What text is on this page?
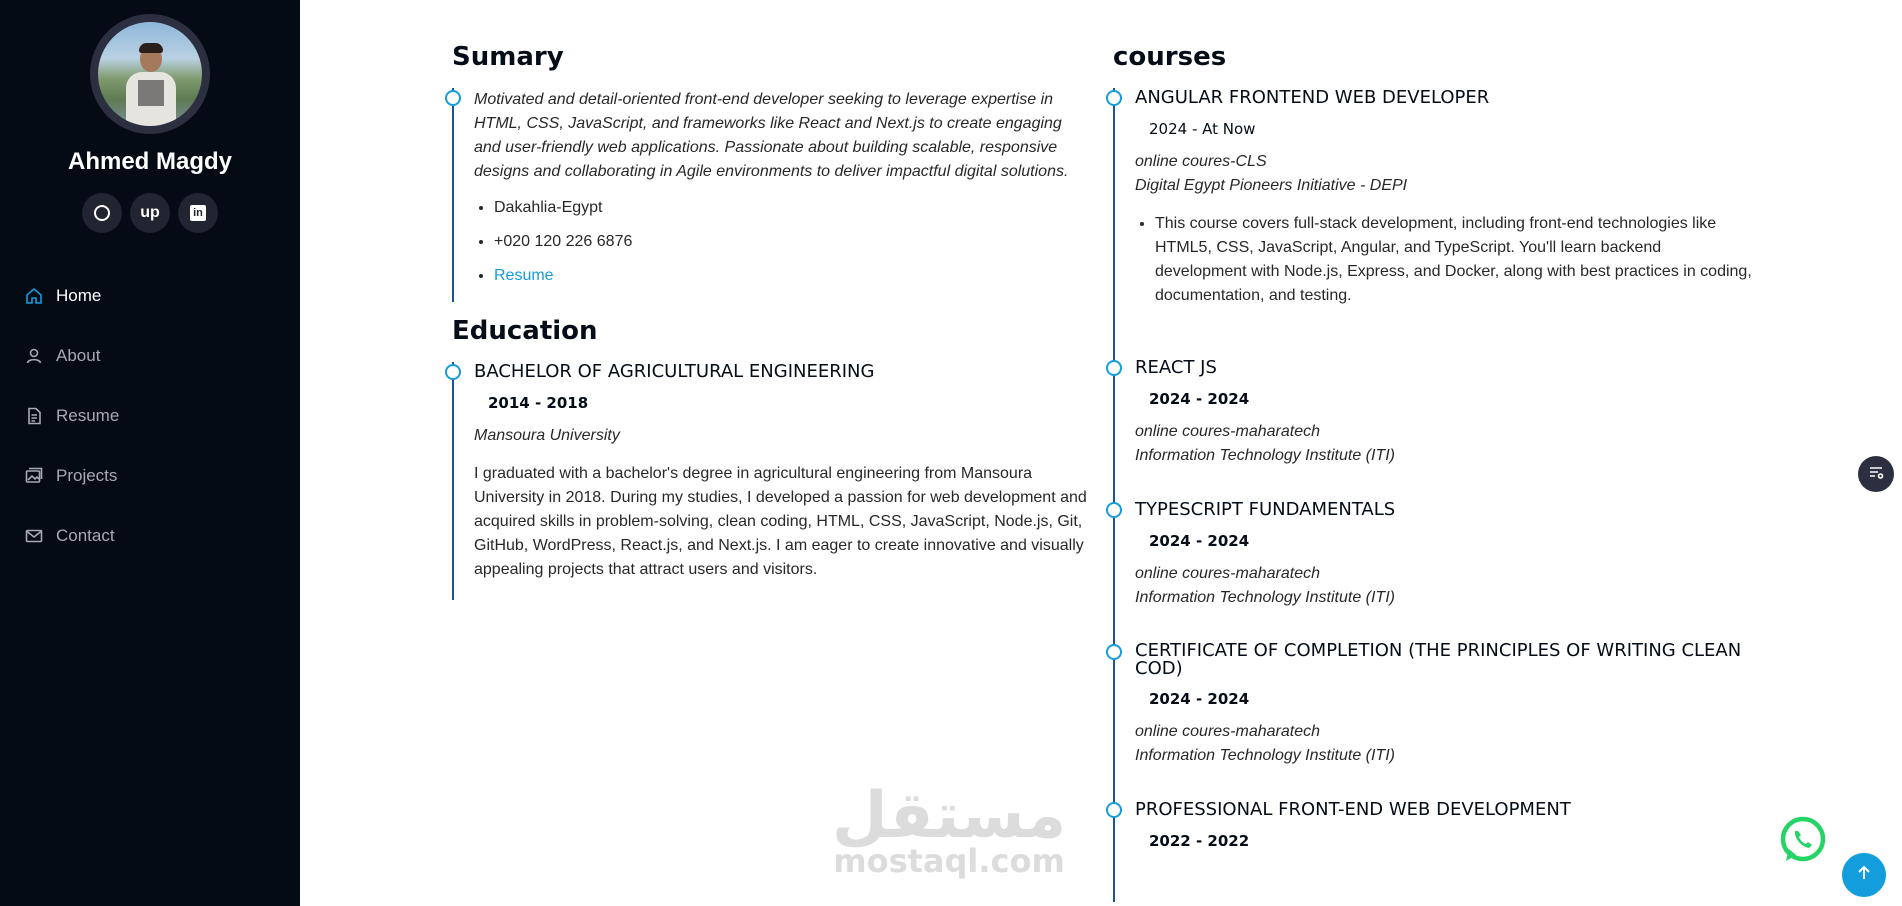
Ahmed Magdy
up	in
Home
About
Resume
Projects
Contact
Sumary

Motivated and detail-oriented front-end developer seeking to leverage expertise in HTML, CSS, JavaScript, and frameworks like React and Next.js to create engaging and user-friendly web applications. Passionate about building scalable, responsive designs and collaborating in Agile environments to deliver impactful digital solutions.

• Dakahlia-Egypt
• +020 120 226 6876
• Resume
Education
BACHELOR OF AGRICULTURAL ENGINEERING
2014 - 2018

Mansoura University

I graduated with a bachelor's degree in agricultural engineering from Mansoura University in 2018. During my studies, I developed a passion for web development and acquired skills in problem-solving, clean coding, HTML, CSS, JavaScript, Node.js, Git, GitHub, WordPress, React.js, and Next.js. I am eager to create innovative and visually appealing projects that attract users and visitors.

courses
ANGULAR FRONTEND WEB DEVELOPER
2024 - At Now

online coures-CLS

Digital Egypt Pioneers Initiative - DEPI

• This course covers full-stack development, including front-end technologies like HTML5, CSS, JavaScript, Angular, and TypeScript. You'll learn backend development with Node.js, Express, and Docker, along with best practices in coding, documentation, and testing.
REACT JS
2024 - 2024

online coures-maharatech

Information Technology Institute (ITI)

TYPESCRIPT FUNDAMENTALS
2024 - 2024

online coures-maharatech

Information Technology Institute (ITI)

CERTIFICATE OF COMPLETION (THE PRINCIPLES OF WRITING CLEAN COD)
2024 - 2024

online coures-maharatech

Information Technology Institute (ITI)

PROFESSIONAL FRONT-END WEB DEVELOPMENT
2022 - 2022
مستقل
mostaql.com
